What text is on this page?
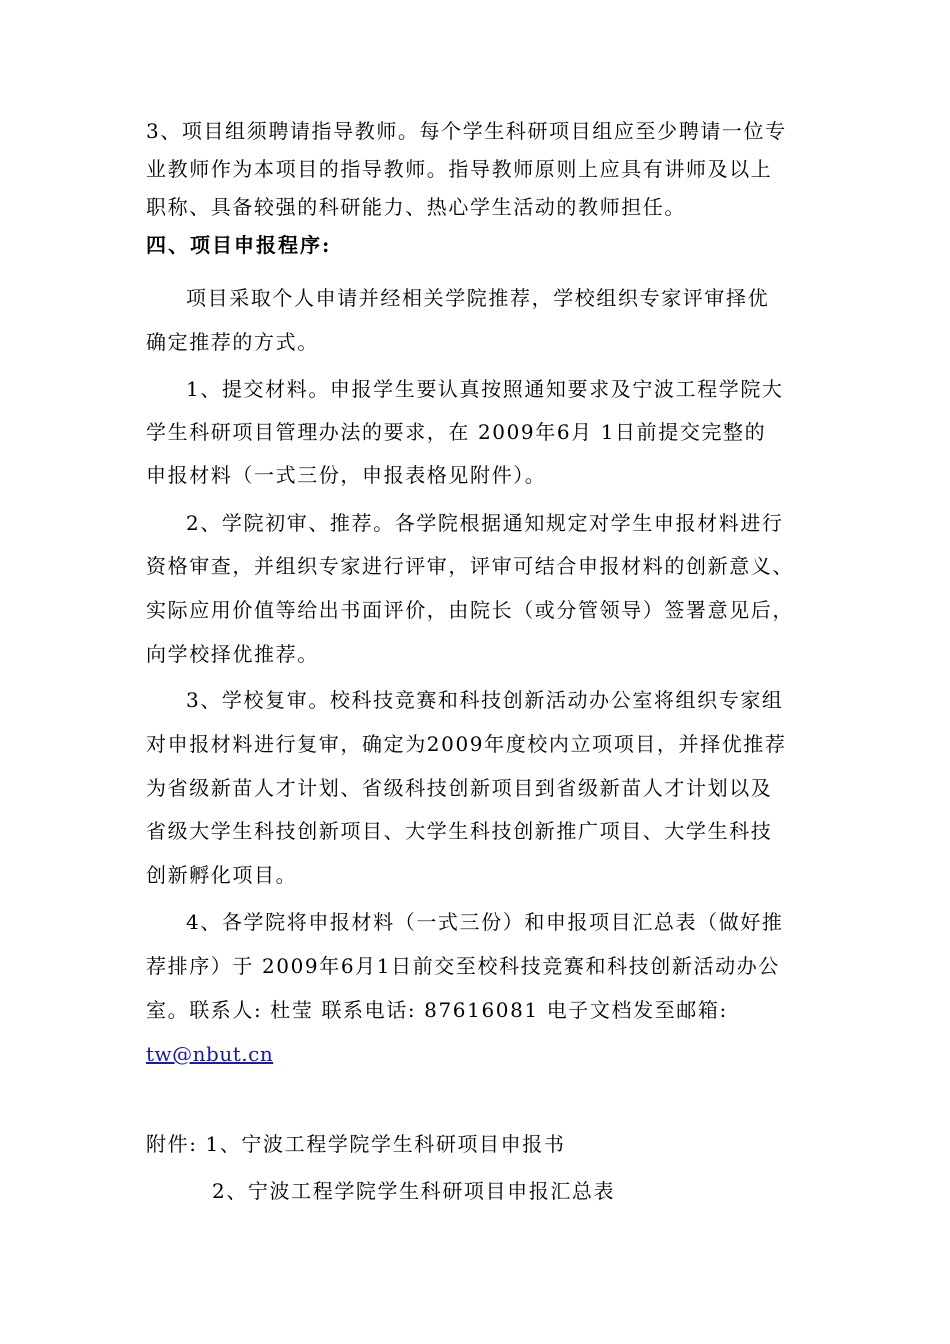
3、项目组须聘请指导教师。每个学生科研项目组应至少聘请一位专

业教师作为本项目的指导教师。指导教师原则上应具有讲师及以上

职称、具备较强的科研能力、热心学生活动的教师担任。

四、项目申报程序:

项目采取个人申请并经相关学院推荐，学校组织专家评审择优

确定推荐的方式。

1、提交材料。申报学生要认真按照通知要求及宁波工程学院大

学生科研项目管理办法的要求，在 2009年6月 1日前提交完整的

申报材料（一式三份，申报表格见附件）。

2、学院初审、推荐。各学院根据通知规定对学生申报材料进行

资格审查，并组织专家进行评审，评审可结合申报材料的创新意义、

实际应用价值等给出书面评价，由院长（或分管领导）签署意见后，

向学校择优推荐。

3、学校复审。校科技竞赛和科技创新活动办公室将组织专家组

对申报材料进行复审，确定为2009年度校内立项项目，并择优推荐

为省级新苗人才计划、省级科技创新项目到省级新苗人才计划以及

省级大学生科技创新项目、大学生科技创新推广项目、大学生科技

创新孵化项目。

4、各学院将申报材料（一式三份）和申报项目汇总表（做好推

荐排序）于 2009年6月1日前交至校科技竞赛和科技创新活动办公

室。联系人: 杜莹 联系电话: 87616081 电子文档发至邮箱:

tw@nbut.cn

附件: 1、宁波工程学院学生科研项目申报书

2、宁波工程学院学生科研项目申报汇总表
